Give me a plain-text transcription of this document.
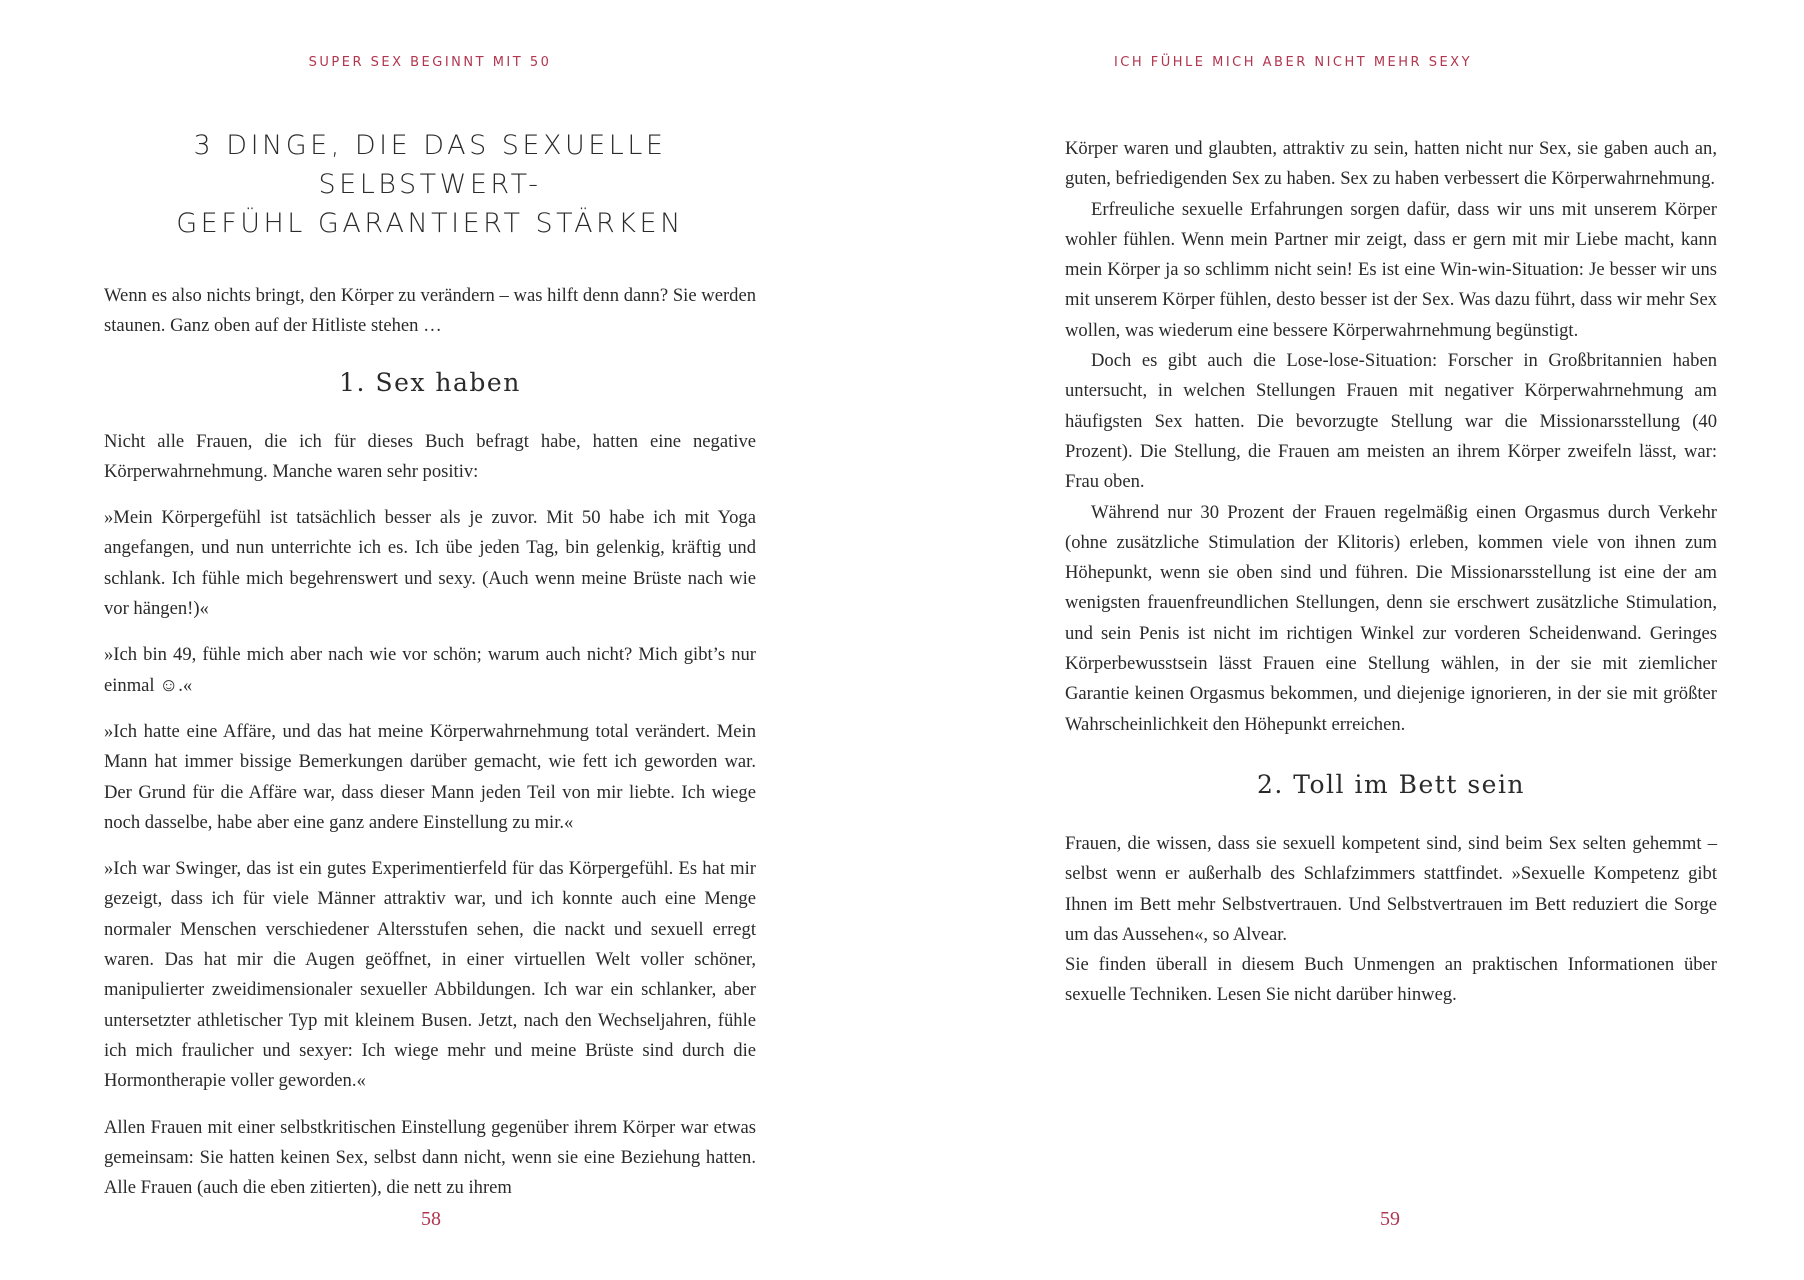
SUPER SEX BEGINNT MIT 50
3 DINGE, DIE DAS SEXUELLE SELBSTWERT-
GEFÜHL GARANTIERT STÄRKEN

Wenn es also nichts bringt, den Körper zu verändern – was hilft denn dann? Sie werden staunen. Ganz oben auf der Hitliste stehen …

1. Sex haben

Nicht alle Frauen, die ich für dieses Buch befragt habe, hatten eine negative Körperwahrnehmung. Manche waren sehr positiv:

»Mein Körpergefühl ist tatsächlich besser als je zuvor. Mit 50 habe ich mit Yoga angefangen, und nun unterrichte ich es. Ich übe jeden Tag, bin gelenkig, kräftig und schlank. Ich fühle mich begehrenswert und sexy. (Auch wenn meine Brüste nach wie vor hängen!)«

»Ich bin 49, fühle mich aber nach wie vor schön; warum auch nicht? Mich gibt’s nur einmal ☺.«

»Ich hatte eine Affäre, und das hat meine Körperwahrnehmung total verändert. Mein Mann hat immer bissige Bemerkungen darüber gemacht, wie fett ich geworden war. Der Grund für die Affäre war, dass dieser Mann jeden Teil von mir liebte. Ich wiege noch dasselbe, habe aber eine ganz andere Einstellung zu mir.«

»Ich war Swinger, das ist ein gutes Experimentierfeld für das Körpergefühl. Es hat mir gezeigt, dass ich für viele Männer attraktiv war, und ich konnte auch eine Menge normaler Menschen verschiedener Altersstufen sehen, die nackt und sexuell erregt waren. Das hat mir die Augen geöffnet, in einer virtuellen Welt voller schöner, manipulierter zweidimensionaler sexueller Abbildungen. Ich war ein schlanker, aber untersetzter athletischer Typ mit kleinem Busen. Jetzt, nach den Wechseljahren, fühle ich mich fraulicher und sexyer: Ich wiege mehr und meine Brüste sind durch die Hormontherapie voller geworden.«

Allen Frauen mit einer selbstkritischen Einstellung gegenüber ihrem Körper war etwas gemeinsam: Sie hatten keinen Sex, selbst dann nicht, wenn sie eine Beziehung hatten. Alle Frauen (auch die eben zitierten), die nett zu ihrem

58
ICH FÜHLE MICH ABER NICHT MEHR SEXY

Körper waren und glaubten, attraktiv zu sein, hatten nicht nur Sex, sie gaben auch an, guten, befriedigenden Sex zu haben. Sex zu haben verbessert die Körperwahrnehmung.

Erfreuliche sexuelle Erfahrungen sorgen dafür, dass wir uns mit unserem Körper wohler fühlen. Wenn mein Partner mir zeigt, dass er gern mit mir Liebe macht, kann mein Körper ja so schlimm nicht sein! Es ist eine Win-win-Situation: Je besser wir uns mit unserem Körper fühlen, desto besser ist der Sex. Was dazu führt, dass wir mehr Sex wollen, was wiederum eine bessere Körperwahrnehmung begünstigt.

Doch es gibt auch die Lose-lose-Situation: Forscher in Großbritannien haben untersucht, in welchen Stellungen Frauen mit negativer Körperwahrnehmung am häufigsten Sex hatten. Die bevorzugte Stellung war die Missionarsstellung (40 Prozent). Die Stellung, die Frauen am meisten an ihrem Körper zweifeln lässt, war: Frau oben.

Während nur 30 Prozent der Frauen regelmäßig einen Orgasmus durch Verkehr (ohne zusätzliche Stimulation der Klitoris) erleben, kommen viele von ihnen zum Höhepunkt, wenn sie oben sind und führen. Die Missionarsstellung ist eine der am wenigsten frauenfreundlichen Stellungen, denn sie erschwert zusätzliche Stimulation, und sein Penis ist nicht im richtigen Winkel zur vorderen Scheidenwand. Geringes Körperbewusstsein lässt Frauen eine Stellung wählen, in der sie mit ziemlicher Garantie keinen Orgasmus bekommen, und diejenige ignorieren, in der sie mit größter Wahrscheinlichkeit den Höhepunkt erreichen.

2. Toll im Bett sein

Frauen, die wissen, dass sie sexuell kompetent sind, sind beim Sex selten gehemmt – selbst wenn er außerhalb des Schlafzimmers stattfindet. »Sexuelle Kompetenz gibt Ihnen im Bett mehr Selbstvertrauen. Und Selbstvertrauen im Bett reduziert die Sorge um das Aussehen«, so Alvear.

Sie finden überall in diesem Buch Unmengen an praktischen Informationen über sexuelle Techniken. Lesen Sie nicht darüber hinweg.

59
